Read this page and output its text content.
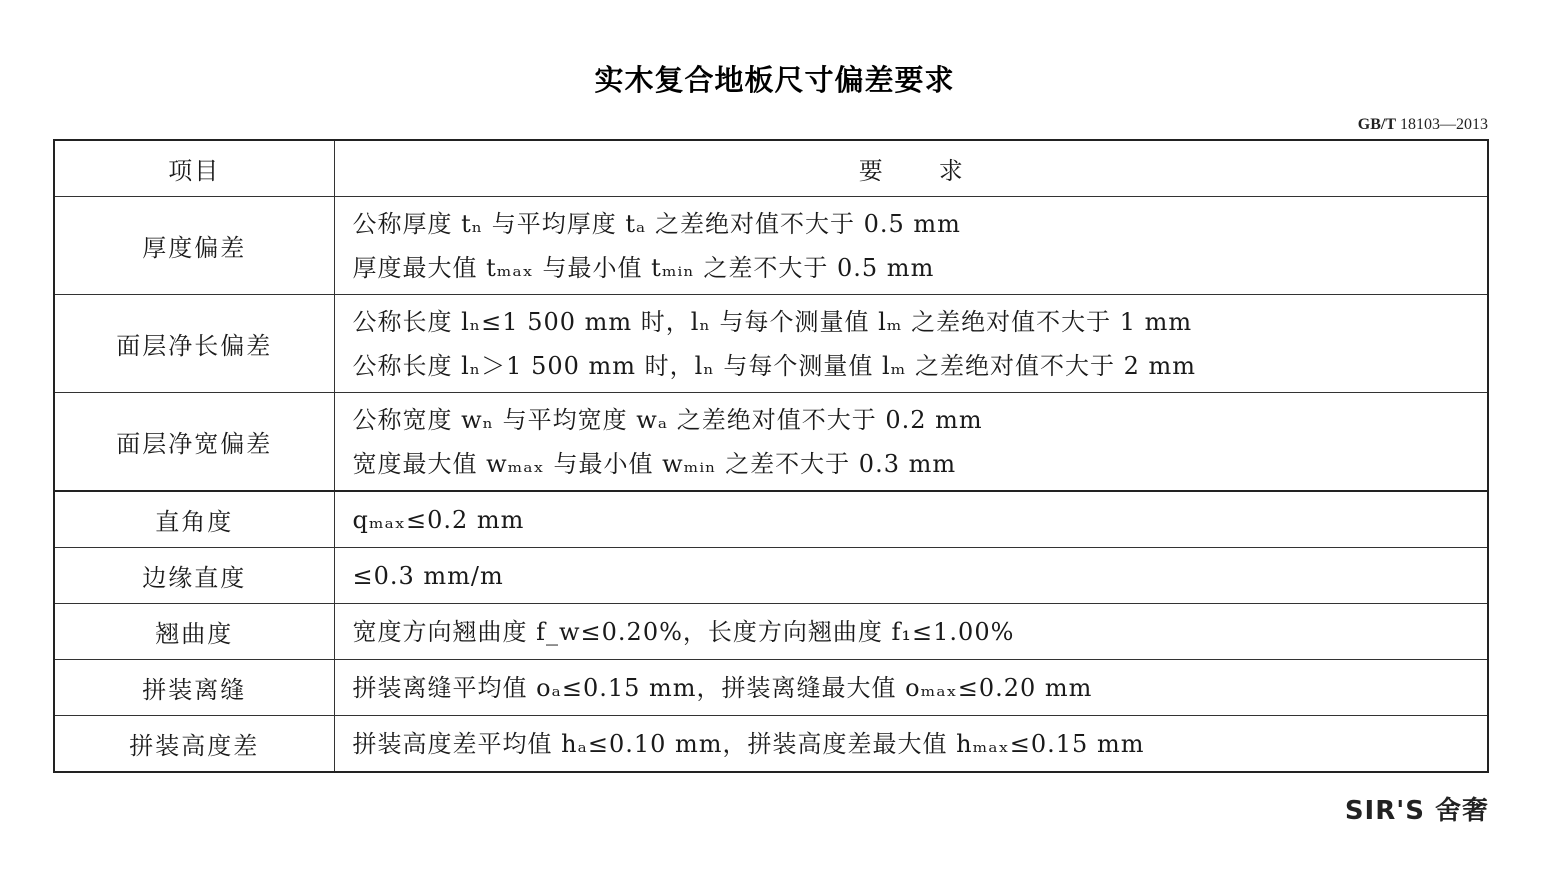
实木复合地板尺寸偏差要求
GB/T 18103—2013
项目	要 求
厚度偏差	公称厚度 tₙ 与平均厚度 tₐ 之差绝对值不大于 0.5 mm
厚度最大值 tₘₐₓ 与最小值 tₘᵢₙ 之差不大于 0.5 mm

面层净长偏差	公称长度 lₙ≤1 500 mm 时，lₙ 与每个测量值 lₘ 之差绝对值不大于 1 mm
公称长度 lₙ＞1 500 mm 时，lₙ 与每个测量值 lₘ 之差绝对值不大于 2 mm

面层净宽偏差	公称宽度 wₙ 与平均宽度 wₐ 之差绝对值不大于 0.2 mm
宽度最大值 wₘₐₓ 与最小值 wₘᵢₙ 之差不大于 0.3 mm

直角度	qₘₐₓ≤0.2 mm

边缘直度	≤0.3 mm/m

翘曲度	宽度方向翘曲度 f_w≤0.20%，长度方向翘曲度 f₁≤1.00%

拼装离缝	拼装离缝平均值 oₐ≤0.15 mm，拼装离缝最大值 oₘₐₓ≤0.20 mm

拼装高度差	拼装高度差平均值 hₐ≤0.10 mm，拼装高度差最大值 hₘₐₓ≤0.15 mm
SIR'S 舍奢
